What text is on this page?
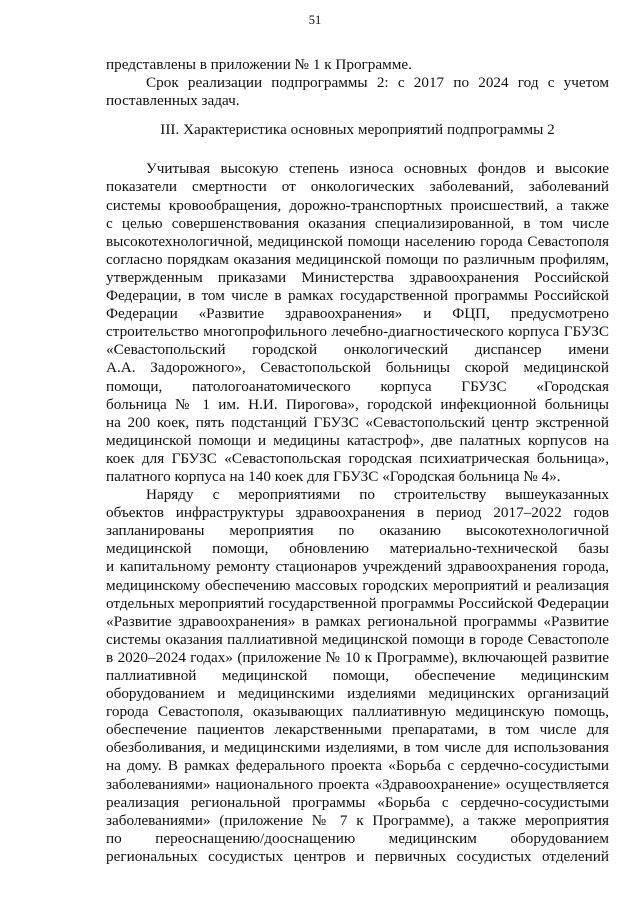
51
представлены в приложении № 1 к Программе.
Срок реализации подпрограммы 2: с 2017 по 2024 год с учетом
поставленных задач.
III. Характеристика основных мероприятий подпрограммы 2
Учитывая высокую степень износа основных фондов и высокие
показатели смертности от онкологических заболеваний, заболеваний
системы кровообращения, дорожно-транспортных происшествий, а также
с целью совершенствования оказания специализированной, в том числе
высокотехнологичной, медицинской помощи населению города Севастополя
согласно порядкам оказания медицинской помощи по различным профилям,
утвержденным приказами Министерства здравоохранения Российской
Федерации, в том числе в рамках государственной программы Российской
Федерации «Развитие здравоохранения» и ФЦП, предусмотрено
строительство многопрофильного лечебно-диагностического корпуса ГБУЗС
«Севастопольский городской онкологический диспансер имени
А.А. Задорожного», Севастопольской больницы скорой медицинской
помощи, патологоанатомического корпуса ГБУЗС «Городская
больница № 1 им. Н.И. Пирогова», городской инфекционной больницы
на 200 коек, пять подстанций ГБУЗС «Севастопольский центр экстренной
медицинской помощи и медицины катастроф», две палатных корпусов на
коек для ГБУЗС «Севастопольская городская психиатрическая больница»,
палатного корпуса на 140 коек для ГБУЗС «Городская больница № 4».
Наряду с мероприятиями по строительству вышеуказанных
объектов инфраструктуры здравоохранения в период 2017–2022 годов
запланированы мероприятия по оказанию высокотехнологичной
медицинской помощи, обновлению материально-технической базы
и капитальному ремонту стационаров учреждений здравоохранения города,
медицинскому обеспечению массовых городских мероприятий и реализация
отдельных мероприятий государственной программы Российской Федерации
«Развитие здравоохранения» в рамках региональной программы «Развитие
системы оказания паллиативной медицинской помощи в городе Севастополе
в 2020–2024 годах» (приложение № 10 к Программе), включающей развитие
паллиативной медицинской помощи, обеспечение медицинским
оборудованием и медицинскими изделиями медицинских организаций
города Севастополя, оказывающих паллиативную медицинскую помощь,
обеспечение пациентов лекарственными препаратами, в том числе для
обезболивания, и медицинскими изделиями, в том числе для использования
на дому. В рамках федерального проекта «Борьба с сердечно-сосудистыми
заболеваниями» национального проекта «Здравоохранение» осуществляется
реализация региональной программы «Борьба с сердечно-сосудистыми
заболеваниями» (приложение № 7 к Программе), а также мероприятия
по переоснащению/дооснащению медицинским оборудованием
региональных сосудистых центров и первичных сосудистых отделений
